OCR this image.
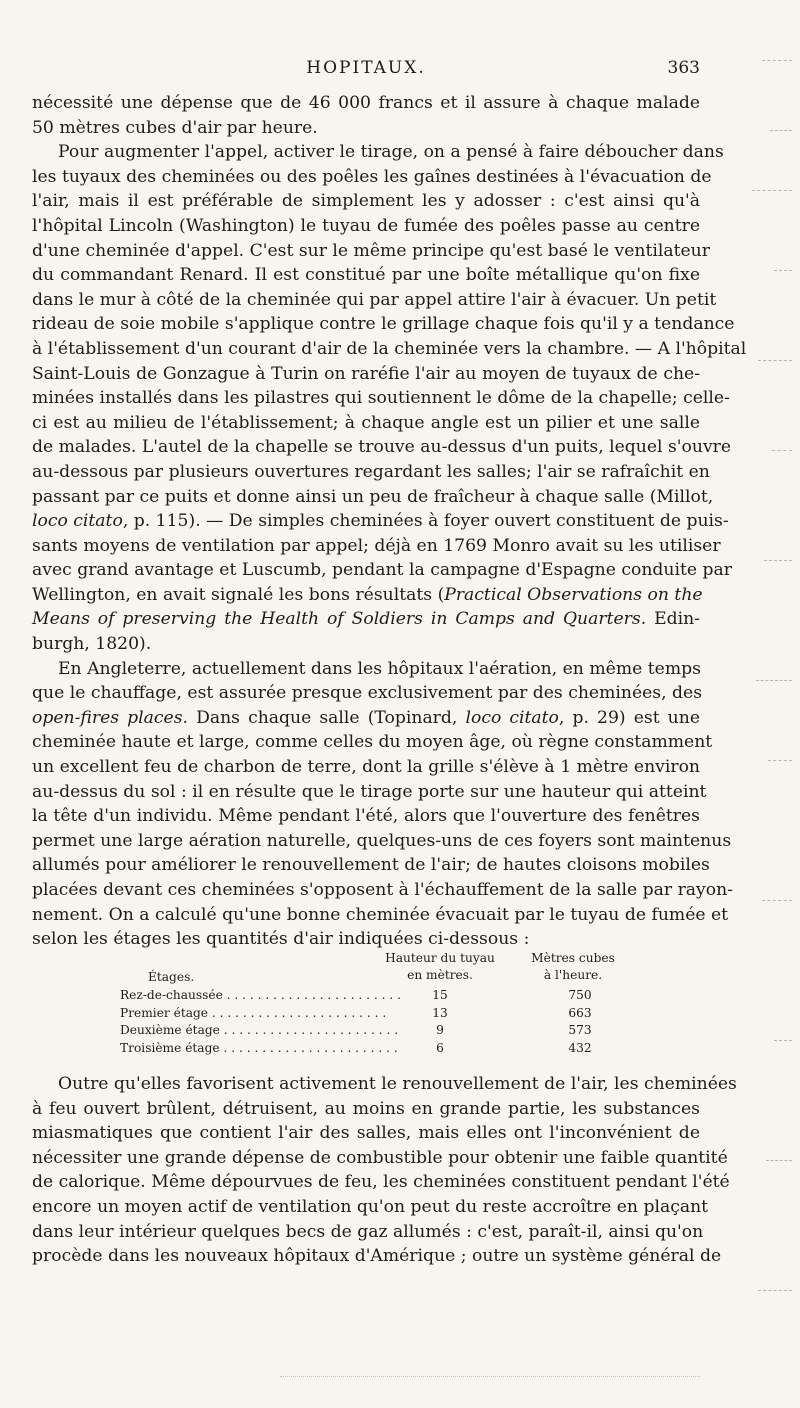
HOPITAUX.	363
nécessité une dépense que de 46 000 francs et il assure à chaque malade
50 mètres cubes d'air par heure.
Pour augmenter l'appel, activer le tirage, on a pensé à faire déboucher dans
les tuyaux des cheminées ou des poêles les gaînes destinées à l'évacuation de
l'air, mais il est préférable de simplement les y adosser : c'est ainsi qu'à
l'hôpital Lincoln (Washington) le tuyau de fumée des poêles passe au centre
d'une cheminée d'appel. C'est sur le même principe qu'est basé le ventilateur
du commandant Renard. Il est constitué par une boîte métallique qu'on fixe
dans le mur à côté de la cheminée qui par appel attire l'air à évacuer. Un petit
rideau de soie mobile s'applique contre le grillage chaque fois qu'il y a tendance
à l'établissement d'un courant d'air de la cheminée vers la chambre. — A l'hôpital
Saint-Louis de Gonzague à Turin on raréfie l'air au moyen de tuyaux de che-
minées installés dans les pilastres qui soutiennent le dôme de la chapelle; celle-
ci est au milieu de l'établissement; à chaque angle est un pilier et une salle
de malades. L'autel de la chapelle se trouve au-dessus d'un puits, lequel s'ouvre
au-dessous par plusieurs ouvertures regardant les salles; l'air se rafraîchit en
passant par ce puits et donne ainsi un peu de fraîcheur à chaque salle (Millot,
loco citato, p. 115). — De simples cheminées à foyer ouvert constituent de puis-
sants moyens de ventilation par appel; déjà en 1769 Monro avait su les utiliser
avec grand avantage et Luscumb, pendant la campagne d'Espagne conduite par
Wellington, en avait signalé les bons résultats (Practical Observations on the
Means of preserving the Health of Soldiers in Camps and Quarters. Edin-
burgh, 1820).
En Angleterre, actuellement dans les hôpitaux l'aération, en même temps
que le chauffage, est assurée presque exclusivement par des cheminées, des
open-fires places. Dans chaque salle (Topinard, loco citato, p. 29) est une
cheminée haute et large, comme celles du moyen âge, où règne constamment
un excellent feu de charbon de terre, dont la grille s'élève à 1 mètre environ
au-dessus du sol : il en résulte que le tirage porte sur une hauteur qui atteint
la tête d'un individu. Même pendant l'été, alors que l'ouverture des fenêtres
permet une large aération naturelle, quelques-uns de ces foyers sont maintenus
allumés pour améliorer le renouvellement de l'air; de hautes cloisons mobiles
placées devant ces cheminées s'opposent à l'échauffement de la salle par rayon-
nement. On a calculé qu'une bonne cheminée évacuait par le tuyau de fumée et
selon les étages les quantités d'air indiquées ci-dessous :
Étages.
Hauteur du tuyau
en mètres.
Mètres cubes
à l'heure.
Rez-de-chaussée . . .	15	750
Premier étage . . .	13	663
Deuxième étage . . .	9	573
Troisième étage . . .	6	432
Outre qu'elles favorisent activement le renouvellement de l'air, les cheminées
à feu ouvert brûlent, détruisent, au moins en grande partie, les substances
miasmatiques que contient l'air des salles, mais elles ont l'inconvénient de
nécessiter une grande dépense de combustible pour obtenir une faible quantité
de calorique. Même dépourvues de feu, les cheminées constituent pendant l'été
encore un moyen actif de ventilation qu'on peut du reste accroître en plaçant
dans leur intérieur quelques becs de gaz allumés : c'est, paraît-il, ainsi qu'on
procède dans les nouveaux hôpitaux d'Amérique ; outre un système général de
